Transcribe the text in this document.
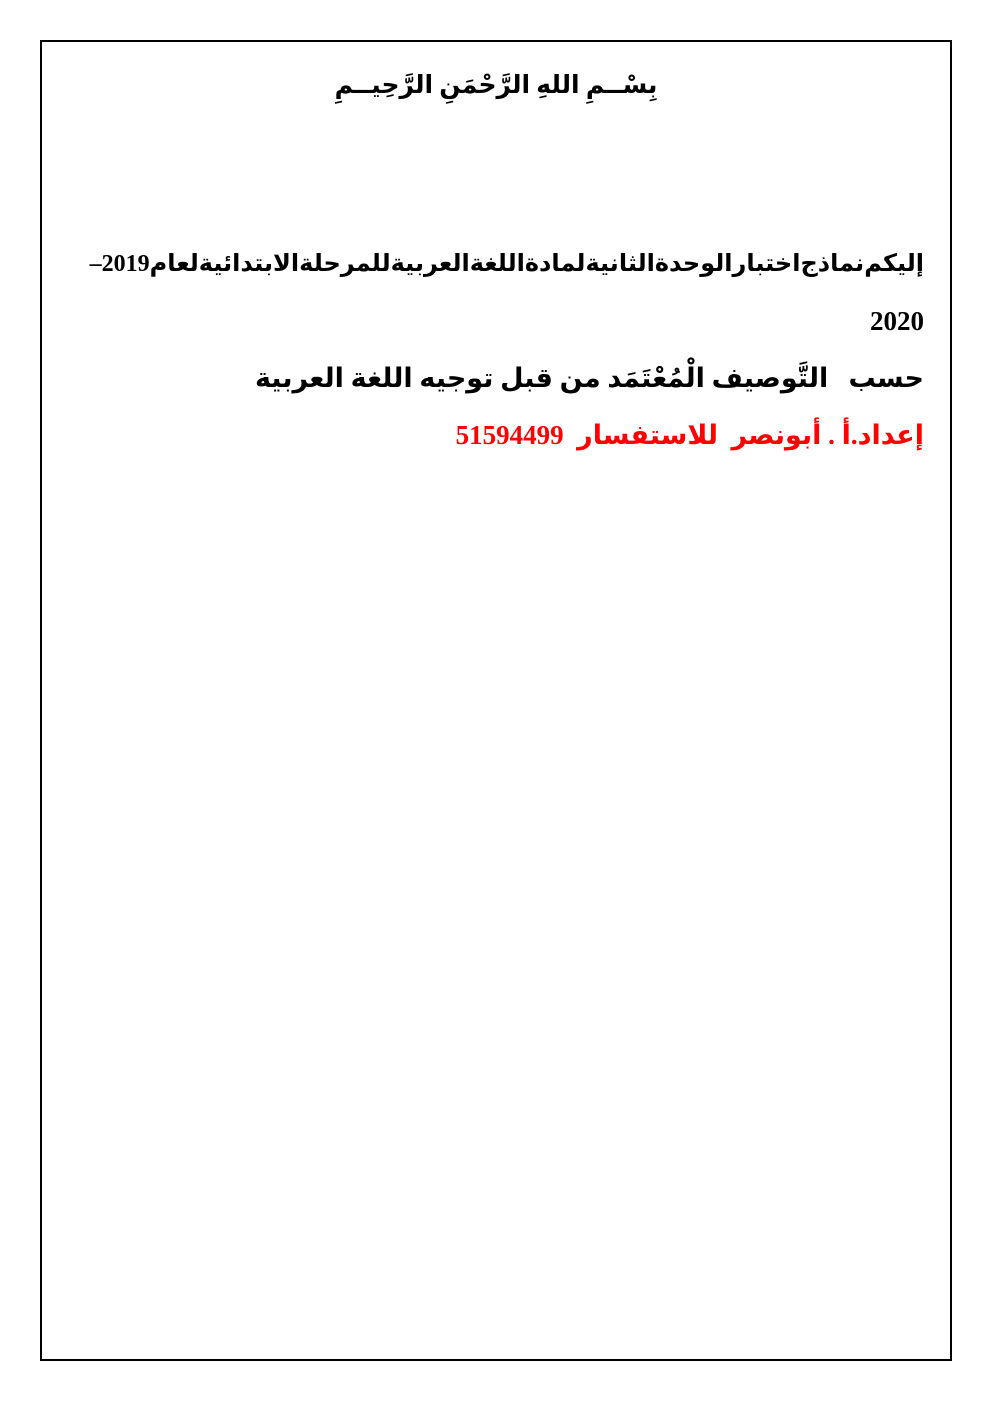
بِسْــمِ اللهِ الرَّحْمَنِ الرَّحِيــمِ
إليكم
نماذج
اختبار
الوحدة
الثانية
لمادة
اللغة
العربية
للمرحلة
الابتدائية
لعام
2019–
2020
حسب   التَّوصيف الْمُعْتَمَد من قبل توجيه اللغة العربية
إعداد.أ . أبونصر  للاستفسار  51594499
